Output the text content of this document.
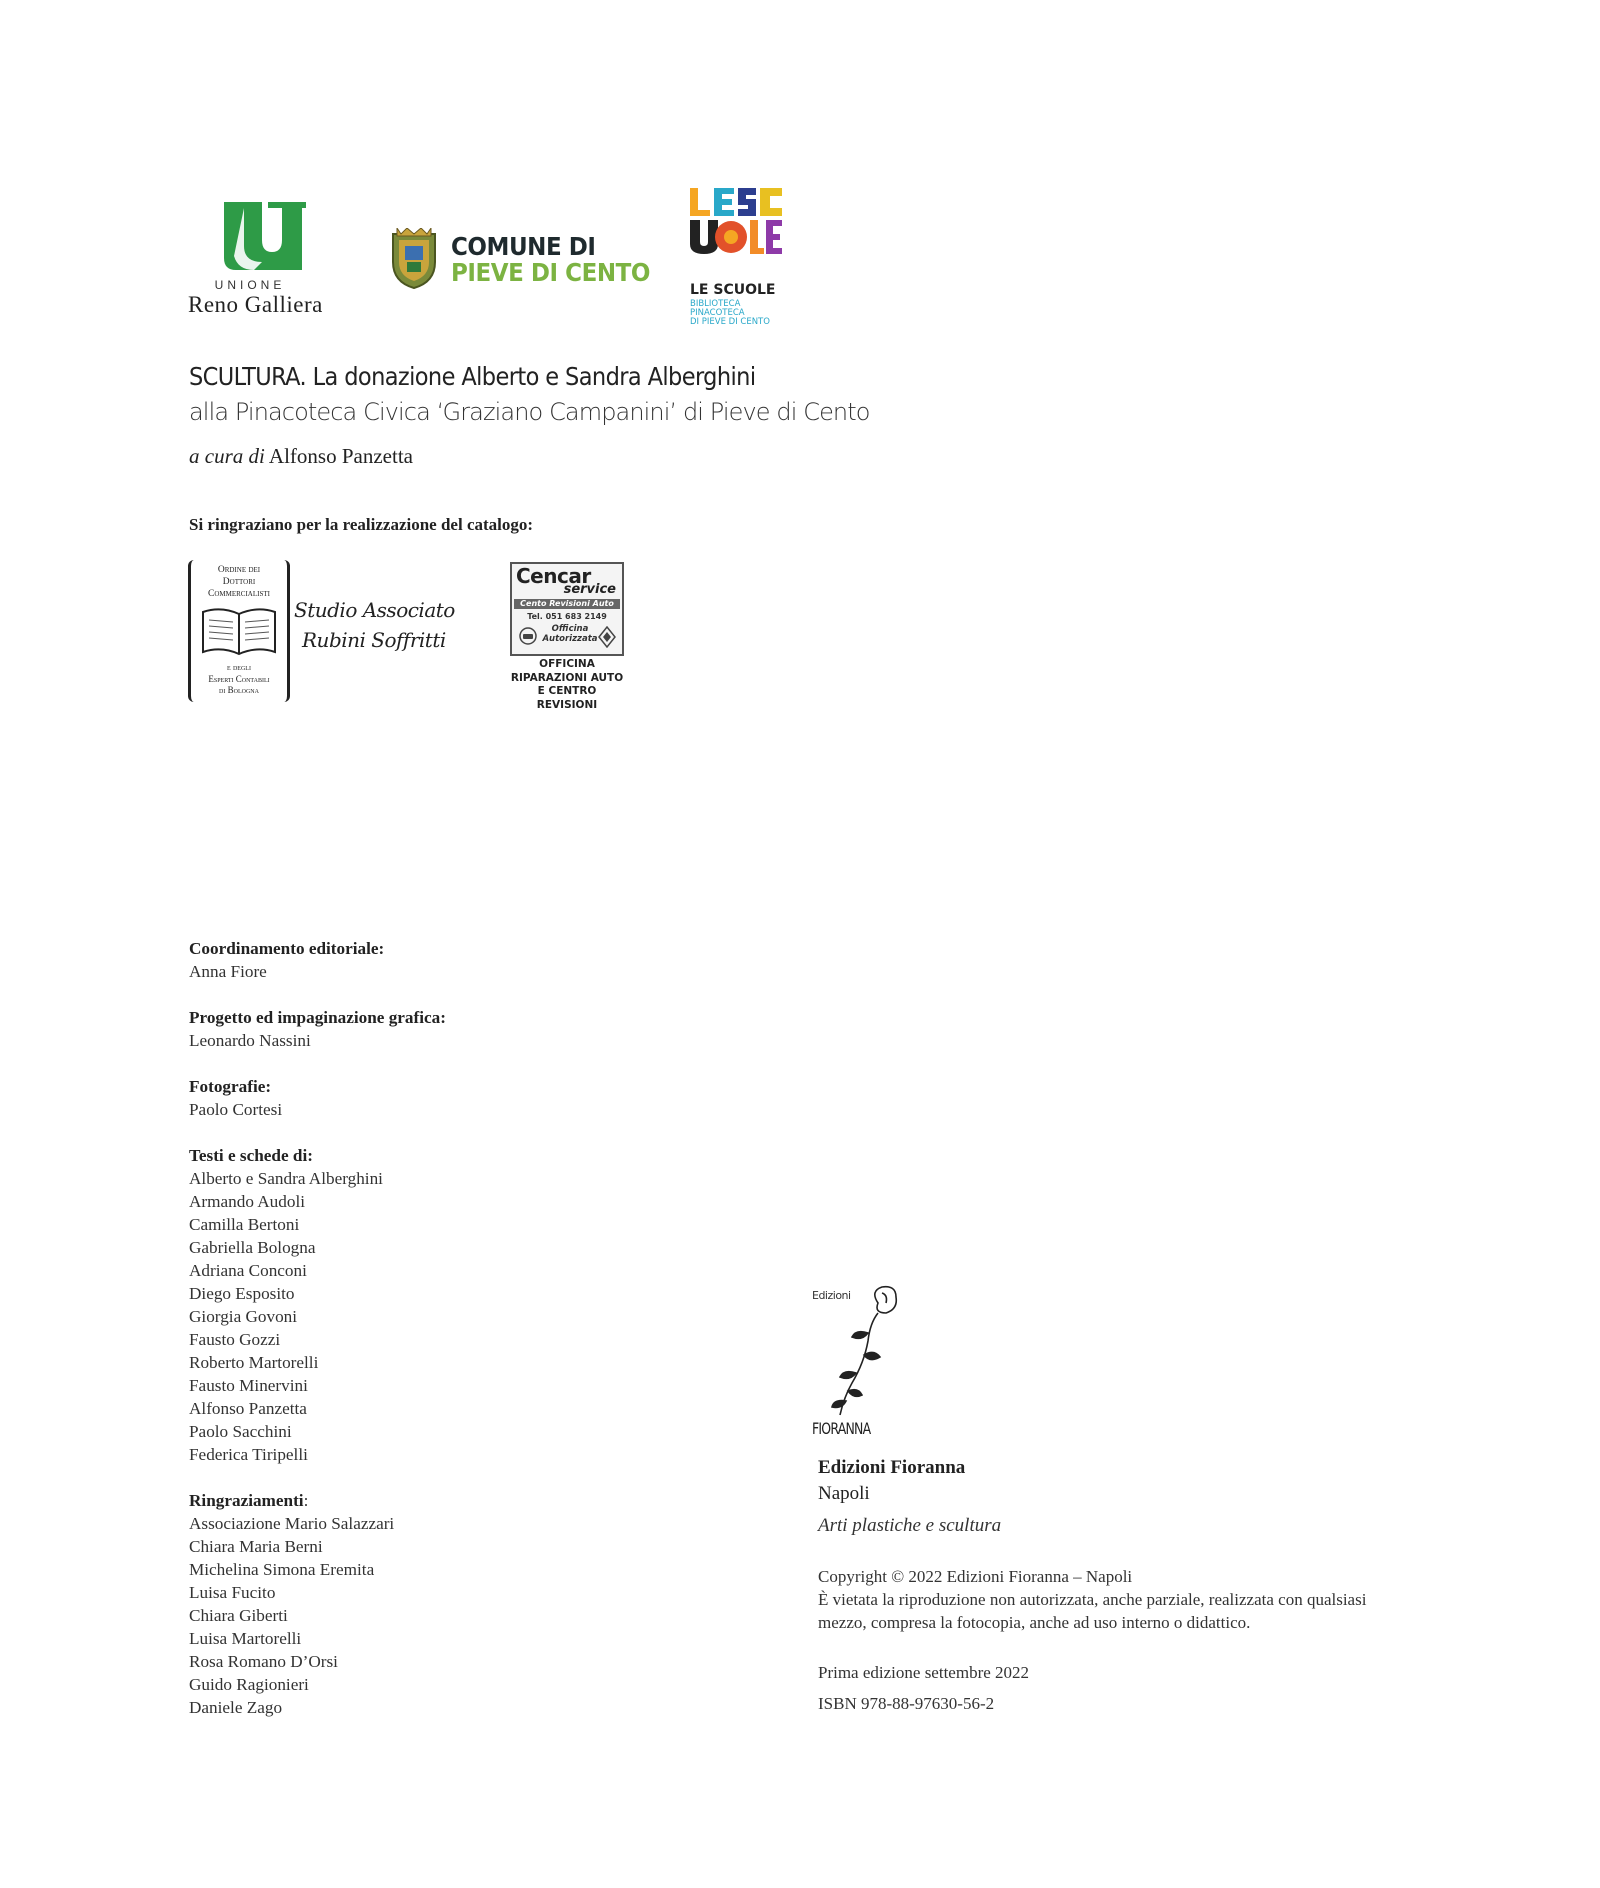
UNIONE
Reno Galliera
COMUNE DI
PIEVE DI CENTO
LE SCUOLE
BIBLIOTECA
PINACOTECA
DI PIEVE DI CENTO
SCULTURA. La donazione Alberto e Sandra Alberghini
alla Pinacoteca Civica ‘Graziano Campanini’ di Pieve di Cento
a cura di Alfonso Panzetta
Si ringraziano per la realizzazione del catalogo:
Ordine dei
Dottori
Commercialisti
e degli
Esperti Contabili
di Bologna
Studio Associato
Rubini Soffritti
Cencar
service
Cento Revisioni Auto
Tel. 051 683 2149
Officina
Autorizzata
OFFICINA
RIPARAZIONI AUTO
E CENTRO REVISIONI
Coordinamento editoriale:
Anna Fiore
Progetto ed impaginazione grafica:
Leonardo Nassini
Fotografie:
Paolo Cortesi
Testi e schede di:
Alberto e Sandra Alberghini
Armando Audoli
Camilla Bertoni
Gabriella Bologna
Adriana Conconi
Diego Esposito
Giorgia Govoni
Fausto Gozzi
Roberto Martorelli
Fausto Minervini
Alfonso Panzetta
Paolo Sacchini
Federica Tiripelli
Ringraziamenti:
Associazione Mario Salazzari
Chiara Maria Berni
Michelina Simona Eremita
Luisa Fucito
Chiara Giberti
Luisa Martorelli
Rosa Romano D’Orsi
Guido Ragionieri
Daniele Zago
Edizioni
FIORANNA
Edizioni Fioranna
Napoli
Arti plastiche e scultura
Copyright © 2022 Edizioni Fioranna – Napoli
È vietata la riproduzione non autorizzata, anche parziale, realizzata con qualsiasi
mezzo, compresa la fotocopia, anche ad uso interno o didattico.
Prima edizione settembre 2022
ISBN 978-88-97630-56-2
